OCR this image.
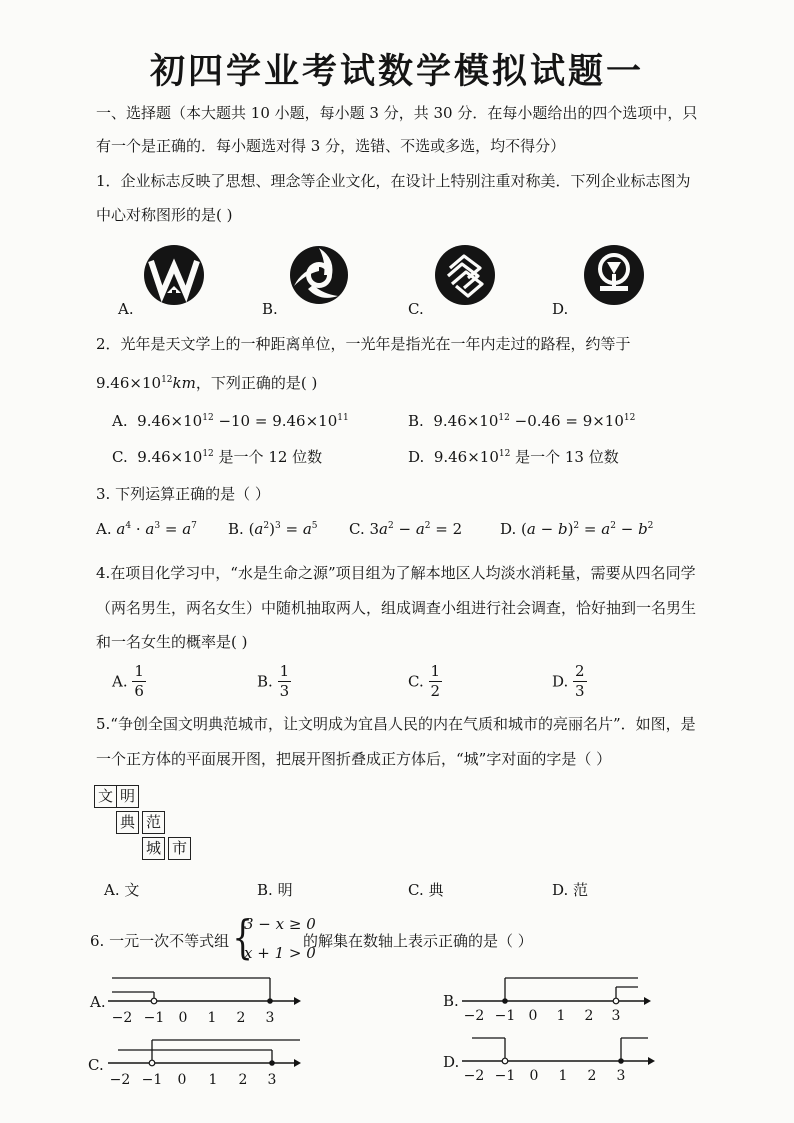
初四学业考试数学模拟试题一
一、选择题（本大题共 10 小题，每小题 3 分，共 30 分．在每小题给出的四个选项中，只
有一个是正确的．每小题选对得 3 分，选错、不选或多选，均不得分）
1．企业标志反映了思想、理念等企业文化，在设计上特别注重对称美．下列企业标志图为
中心对称图形的是( )
A.	B.	C.	D.
2．光年是天文学上的一种距离单位，一光年是指光在一年内走过的路程，约等于
$9.46\times 10^{12}km$，下列正确的是( )
A. $9.46\times 10^{12} -10 = 9.46\times 10^{11}$	B. $9.46\times 10^{12} -0.46 = 9\times 10^{12}$
C. $9.46\times 10^{12}$ 是一个 12 位数	D. $9.46\times 10^{12}$ 是一个 13 位数
3. 下列运算正确的是（ ）
A. $a^4 \cdot a^3 = a^7$ B. $(a^2)^3 = a^5$ C. $3a^2 - a^2 = 2$	D. $(a - b)^2 = a^2 - b^2$
4.在项目化学习中，“水是生命之源”项目组为了解本地区人均淡水消耗量，需要从四名同学
（两名男生，两名女生）中随机抽取两人，组成调查小组进行社会调查，恰好抽到一名男生
和一名女生的概率是( )
A. $\frac{1}{6}$	B. $\frac{1}{3}$	C. $\frac{1}{2}$	D. $\frac{2}{3}$
5.“争创全国文明典范城市，让文明成为宜昌人民的内在气质和城市的亮丽名片”．如图，是
一个正方体的平面展开图，把展开图折叠成正方体后，“城”字对面的字是（ ）
文 明
典 范
城 市
A. 文	B. 明	C. 典	D. 范
6. 一元一次不等式组 {
3 − x ≥ 0
x + 1 > 0
的解集在数轴上表示正确的是（ ）
A.	B.
C.	D.
−2 −1 0 1 2 3	−2 −1 0 1 2 3
−2 −1 0 1 2 3	−2 −1 0 1 2 3
